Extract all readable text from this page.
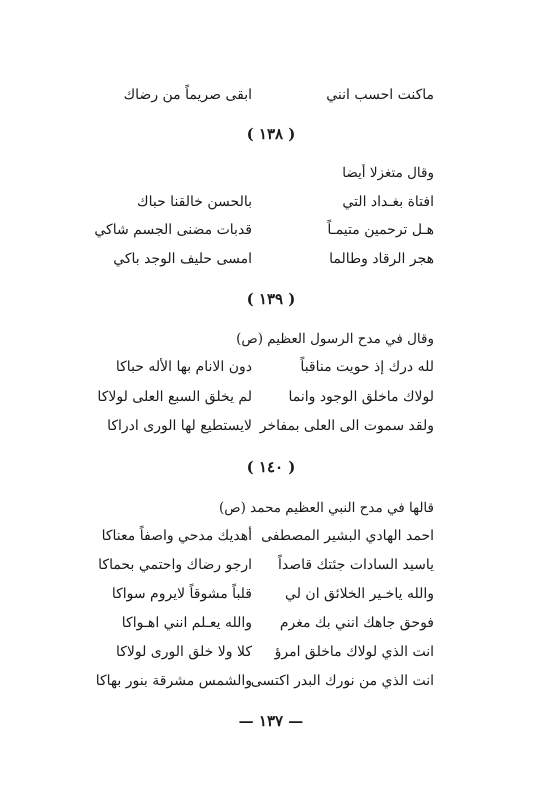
ماكنت احسب انني
ابقى صريماً من رضاك
( ١٣٨ )
وقال متغزلا أيضا
افتاة بغـداد التي
بالحسن خالقنا حباك
هـل ترحمين متيمـاً
قدبات مضنى الجسم شاكي
هجر الرقاد وطالما
امسى حليف الوجد باكي
( ١٣٩ )
وقال في مدح الرسول العظيم (ص)
لله درك إذ حويت مناقباً
دون الانام بها الأله حباكا
لولاك ماخلق الوجود وانما
لم يخلق السبع العلى لولاكا
ولقد سموت الى العلى بمفاخر
لايستطيع لها الورى ادراكا
( ١٤٠ )
قالها في مدح النبي العظيم محمد (ص)
احمد الهادي البشير المصطفى
أهديك مدحي واصفاً معناكا
ياسيد السادات جئتك قاصداً
ارجو رضاك واحتمي بحماكا
والله ياخـير الخلائق ان لي
قلباً مشوقاً لايروم سواكا
فوحق جاهك انني بك مغرم
والله يعـلم انني اهـواكا
انت الذي لولاك ماخلق امرؤ
كلا ولا خلق الورى لولاكا
انت الذي من نورك البدر اكتسى
والشمس مشرقة بنور بهاكا
— ١٣٧ —
